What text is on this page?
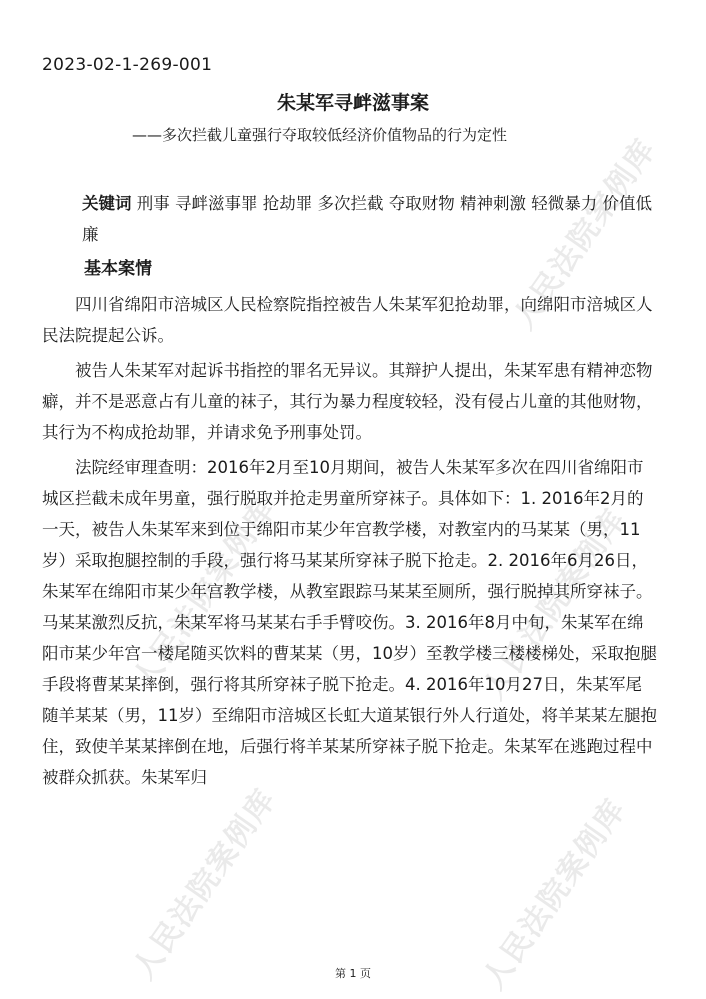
人民法院案例库
人民法院案例库	人民法院案例库
人民法院案例库	人民法院案例库
2023-02-1-269-001
朱某军寻衅滋事案
——多次拦截儿童强行夺取较低经济价值物品的行为定性

关键词 刑事 寻衅滋事罪 抢劫罪 多次拦截 夺取财物 精神刺激 轻微暴力 价值低廉

基本案情

四川省绵阳市涪城区人民检察院指控被告人朱某军犯抢劫罪，向绵阳市涪城区人民法院提起公诉。

被告人朱某军对起诉书指控的罪名无异议。其辩护人提出，朱某军患有精神恋物癖，并不是恶意占有儿童的袜子，其行为暴力程度较轻，没有侵占儿童的其他财物，其行为不构成抢劫罪，并请求免予刑事处罚。

法院经审理查明：2016年2月至10月期间，被告人朱某军多次在四川省绵阳市城区拦截未成年男童，强行脱取并抢走男童所穿袜子。具体如下：1. 2016年2月的一天，被告人朱某军来到位于绵阳市某少年宫教学楼，对教室内的马某某（男，11岁）采取抱腿控制的手段，强行将马某某所穿袜子脱下抢走。2. 2016年6月26日，朱某军在绵阳市某少年宫教学楼，从教室跟踪马某某至厕所，强行脱掉其所穿袜子。马某某激烈反抗，朱某军将马某某右手手臂咬伤。3. 2016年8月中旬，朱某军在绵阳市某少年宫一楼尾随买饮料的曹某某（男，10岁）至教学楼三楼楼梯处，采取抱腿手段将曹某某摔倒，强行将其所穿袜子脱下抢走。4. 2016年10月27日，朱某军尾随羊某某（男，11岁）至绵阳市涪城区长虹大道某银行外人行道处，将羊某某左腿抱住，致使羊某某摔倒在地，后强行将羊某某所穿袜子脱下抢走。朱某军在逃跑过程中被群众抓获。朱某军归

第 1 页
